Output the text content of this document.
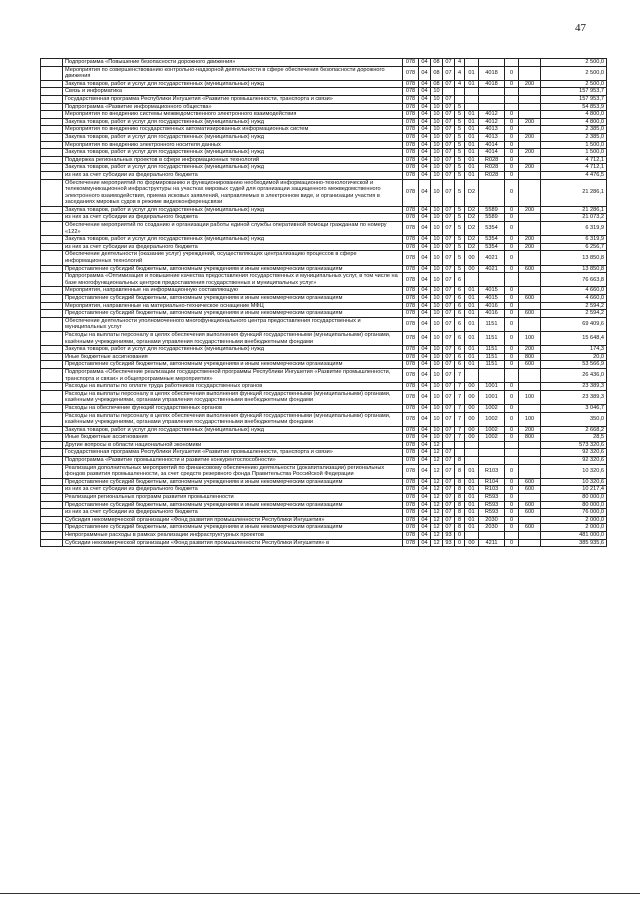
47
	Подпрограмма «Повышение безопасности дорожного движения»	078	04	08	07	4					2 500,0
	Мероприятия по совершенствованию контрольно-надзорной деятельности в сфере обеспечения безопасности дорожного движения	078	04	08	07	4	01	4018	0		2 500,0
	Закупка товаров, работ и услуг для государственных (муниципальных) нужд	078	04	08	07	4	01	4018	0	200	2 500,0
	Связь и информатика	078	04	10							157 953,7
	Государственная программа Республики Ингушетия «Развитие промышленности, транспорта и связи»	078	04	10	07						157 953,7
	Подпрограмма «Развитие информационного общества»	078	04	10	07	5					54 853,9
	Мероприятия по внедрению системы межведомственного электронного взаимодействия	078	04	10	07	5	01	4012	0		4 800,0
	Закупка товаров, работ и услуг для государственных (муниципальных) нужд	078	04	10	07	5	01	4012	0	200	4 800,0
	Мероприятия по внедрению государственных автоматизированных информационных систем	078	04	10	07	5	01	4013	0		2 385,0
	Закупка товаров, работ и услуг для государственных (муниципальных) нужд	078	04	10	07	5	01	4013	0	200	2 385,0
	Мероприятия по внедрению электронного носителя данных	078	04	10	07	5	01	4014	0		1 500,0
	Закупка товаров, работ и услуг для государственных (муниципальных) нужд	078	04	10	07	5	01	4014	0	200	1 500,0
	Поддержка региональных проектов в сфере информационных технологий	078	04	10	07	5	01	R028	0		4 712,1
	Закупка товаров, работ и услуг для государственных (муниципальных) нужд	078	04	10	07	5	01	R028	0	200	4 712,1
	из них за счет субсидии из федерального бюджета	078	04	10	07	5	01	R028	0		4 476,5
	Обеспечение мероприятий по формированию и функционированию необходимой информационно-технологической и телекоммуникационной инфраструктуры на участках мировых судей для организации защищенного межведомственного электронного взаимодействия, приема исковых заявлений, направляемых в электронном виде, и организации участия в заседаниях мировых судов в режиме видеоконференцсвязи	078	04	10	07	5	D2		0		21 286,1
	Закупка товаров, работ и услуг для государственных (муниципальных) нужд	078	04	10	07	5	D2	5589	0	200	21 286,1
	из них за счет субсидии из федерального бюджета	078	04	10	07	5	D2	5589	0		21 073,2
	Обеспечение мероприятий по созданию и организации работы единой службы оперативной помощи гражданам по номеру «122»	078	04	10	07	5	D2	5354	0		6 319,9
	Закупка товаров, работ и услуг для государственных (муниципальных) нужд	078	04	10	07	5	D2	5354	0	200	6 319,9
	из них за счет субсидии из федерального бюджета	078	04	10	07	5	D2	5354	0	200	6 256,7
	Обеспечение деятельности (оказание услуг) учреждений, осуществляющих централизацию процессов в сфере информационных технологий	078	04	10	07	5	00	4021	0		13 850,8
	Предоставление субсидий бюджетным, автономным учреждениям и иным некоммерческим организациям	078	04	10	07	5	00	4021	0	600	13 850,8
	Подпрограмма «Оптимизация и повышение качества предоставления государственных и муниципальных услуг, в том числе на базе многофункциональных центров предоставления государственных и муниципальных услуг»	078	04	10	07	6					76 663,8
	Мероприятия, направленные на информационную составляющую	078	04	10	07	6	01	4015	0		4 660,0
	Предоставление субсидий бюджетным, автономным учреждениям и иным некоммерческим организациям	078	04	10	07	6	01	4015	0	600	4 660,0
	Мероприятия, направленные на материально-техническое оснащение МФЦ	078	04	10	07	6	01	4016	0		2 594,2
	Предоставление субсидий бюджетным, автономным учреждениям и иным некоммерческим организациям	078	04	10	07	6	01	4016	0	600	2 594,2
	Обеспечение деятельности уполномоченного многофункционального центра предоставления государственных и муниципальных услуг	078	04	10	07	6	01	1151	0		69 409,6
	Расходы на выплаты персоналу в целях обеспечения выполнения функций государственными (муниципальными) органами, казёнными учреждениями, органами управления государственными внебюджетными фондами	078	04	10	07	6	01	1151	0	100	15 648,4
	Закупка товаров, работ и услуг для государственных (муниципальных) нужд	078	04	10	07	6	01	1151	0	200	174,3
	Иные бюджетные ассигнования	078	04	10	07	6	01	1151	0	800	20,0
	Предоставление субсидий бюджетным, автономным учреждениям и иным некоммерческим организациям	078	04	10	07	6	01	1151	0	600	53 566,9
	Подпрограмма «Обеспечение реализации государственной программы Республики Ингушетия «Развитие промышленности, транспорта и связи» и общепрограммные мероприятия»	078	04	10	07	7					26 436,0
	Расходы на выплаты по оплате труда работников государственных органов	078	04	10	07	7	00	1001	0		23 389,3
	Расходы на выплаты персоналу в целях обеспечения выполнения функций государственными (муниципальными) органами, казёнными учреждениями, органами управления государственными внебюджетными фондами	078	04	10	07	7	00	1001	0	100	23 389,3
	Расходы на обеспечение функций государственных органов	078	04	10	07	7	00	1002	0		3 046,7
	Расходы на выплаты персоналу в целях обеспечения выполнения функций государственными (муниципальными) органами, казёнными учреждениями, органами управления государственными внебюджетными фондами	078	04	10	07	7	00	1002	0	100	350,0
	Закупка товаров, работ и услуг для государственных (муниципальных) нужд	078	04	10	07	7	00	1002	0	200	2 668,2
	Иные бюджетные ассигнования	078	04	10	07	7	00	1002	0	800	28,5
	Другие вопросы в области национальной экономики	078	04	12							573 320,6
	Государственная программа Республики Ингушетия «Развитие промышленности, транспорта и связи»	078	04	12	07						92 320,6
	Подпрограмма «Развитие промышленности и развитие конкурентоспособности»	078	04	12	07	8					92 320,6
	Реализация дополнительных мероприятий по финансовому обеспечению деятельности (докапитализации) региональных фондов развития промышленности, за счет средств резервного фонда Правительства Российской Федерации	078	04	12	07	8	01	R103	0		10 320,6
	Предоставление субсидий бюджетным, автономным учреждениям и иным некоммерческим организациям	078	04	12	07	8	01	R104	0	600	10 320,6
	из них за счет субсидии из федерального бюджета	078	04	12	07	8	01	R103	0	600	10 217,4
	Реализация региональных программ развития промышленности	078	04	12	07	8	01	R593	0		80 000,0
	Предоставление субсидий бюджетным, автономным учреждениям и иным некоммерческим организациям	078	04	12	07	8	01	R593	0	600	80 000,0
	из них за счет субсидии из федерального бюджета	078	04	12	07	8	01	R593	0	600	76 000,0
	Субсидия некоммерческой организации «Фонд развития промышленности Республики Ингушетия»	078	04	12	07	8	01	2030	0		2 000,0
	Предоставление субсидий бюджетным, автономным учреждениям и иным некоммерческим организациям	078	04	12	07	8	01	2030	0	600	2 000,0
	Непрограммные расходы в рамках реализации инфраструктурных проектов	078	04	12	93	0					481 000,0
	Субсидии некоммерческой организации «Фонд развития промышленности Республики Ингушетия» в	078	04	12	93	0	00	4211	0		385 935,6
